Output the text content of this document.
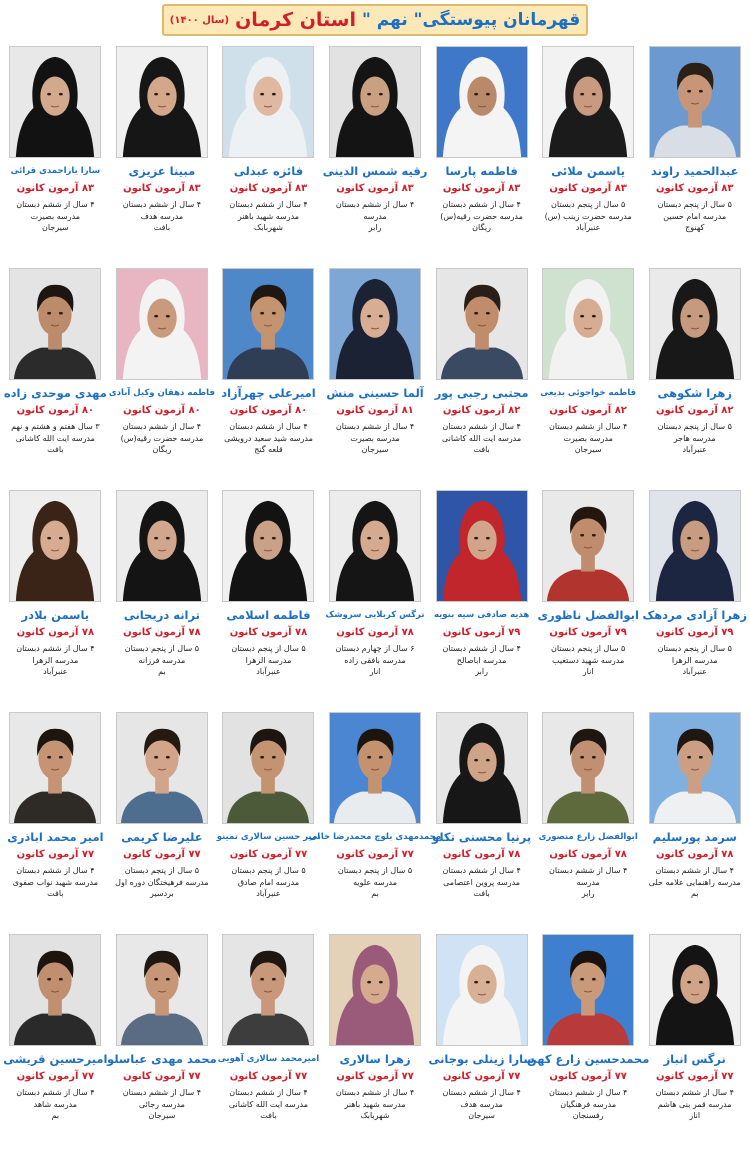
قهرمانان پیوستگی" نهم "
استان کرمان
(سال ۱۴۰۰)
عبدالحمید راوند
۸۳ آزمون کانون
۵ سال از پنجم دبستان
مدرسه امام حسین
کهنوج
یاسمن ملائی
۸۳ آزمون کانون
۵ سال از پنجم دبستان
مدرسه حضرت زینب (س)
عنبرآباد
فاطمه پارسا
۸۳ آزمون کانون
۴ سال از ششم دبستان
مدرسه حضرت رقیه(س)
ریگان
رقیه شمس الدینی
۸۳ آزمون کانون
۴ سال از ششم دبستان
مدرسه
رابر
فائزه عبدلی
۸۳ آزمون کانون
۴ سال از ششم دبستان
مدرسه شهید باهنر
شهربابک
مبینا عزیزی
۸۳ آزمون کانون
۴ سال از ششم دبستان
مدرسه هدف
بافت
سارا یاراحمدی قرائی
۸۳ آزمون کانون
۴ سال از ششم دبستان
مدرسه بصیرت
سیرجان
زهرا شکوهی
۸۲ آزمون کانون
۵ سال از پنجم دبستان
مدرسه هاجر
عنبرآباد
فاطمه خواجوئی بدیعی
۸۲ آزمون کانون
۴ سال از ششم دبستان
مدرسه بصیرت
سیرجان
مجتبی رجبی پور
۸۲ آزمون کانون
۴ سال از ششم دبستان
مدرسه ایت الله کاشانی
بافت
آلما حسینی منش
۸۱ آزمون کانون
۴ سال از ششم دبستان
مدرسه بصیرت
سیرجان
امیرعلی چهرآزاد
۸۰ آزمون کانون
۴ سال از ششم دبستان
مدرسه شید سعید درویشی
قلعه گنج
فاطمه دهقان وکیل آبادی
۸۰ آزمون کانون
۴ سال از ششم دبستان
مدرسه حضرت رقیه(س)
ریگان
مهدی موحدی زاده
۸۰ آزمون کانون
۳ سال هفتم و هشتم و نهم
مدرسه ایت الله کاشانی
بافت
زهرا آزادی مردهک
۷۹ آزمون کانون
۵ سال از پنجم دبستان
مدرسه الزهرا
عنبرآباد
ابوالفضل ناظوری
۷۹ آزمون کانون
۵ سال از پنجم دبستان
مدرسه شهید دستغیب
انار
هدیه صادقی سیه بنویه
۷۹ آزمون کانون
۴ سال از ششم دبستان
مدرسه اباصالح
رابر
نرگس کربلایی سروشک
۷۸ آزمون کانون
۶ سال از چهارم دبستان
مدرسه بافقی زاده
انار
فاطمه اسلامی
۷۸ آزمون کانون
۵ سال از پنجم دبستان
مدرسه الزهرا
عنبرآباد
ترانه دریجانی
۷۸ آزمون کانون
۵ سال از پنجم دبستان
مدرسه فرزانه
بم
یاسمن بلادر
۷۸ آزمون کانون
۴ سال از ششم دبستان
مدرسه الزهرا
عنبرآباد
سرمد پورسلیم
۷۸ آزمون کانون
۴ سال از ششم دبستان
مدرسه راهنمایی علامه حلی
بم
ابوالفضل زارع منصوری
۷۸ آزمون کانون
۴ سال از ششم دبستان
مدرسه
رابر
پرنیا محسنی تکلو
۷۸ آزمون کانون
۴ سال از ششم دبستان
مدرسه پروین اعتصامی
بافت
محمدمهدی بلوچ محمدرضا خانی
۷۷ آزمون کانون
۵ سال از پنجم دبستان
مدرسه علویه
بم
امیر حسین سالاری تمینو
۷۷ آزمون کانون
۵ سال از پنجم دبستان
مدرسه امام صادق
عنبرآباد
علیرضا کریمی
۷۷ آزمون کانون
۵ سال از پنجم دبستان
مدرسه فرهیختگان دوره اول
بردسیر
امیر محمد اباذری
۷۷ آزمون کانون
۴ سال از ششم دبستان
مدرسه شهید نواب صفوی
بافت
نرگس انباز
۷۷ آزمون کانون
۴ سال از ششم دبستان
مدرسه قمر بنی هاشم
انار
محمدحسین زارع کهن
۷۷ آزمون کانون
۴ سال از ششم دبستان
مدرسه فرهنگیان
رفسنجان
سارا زینلی بوجانی
۷۷ آزمون کانون
۴ سال از ششم دبستان
مدرسه هدف
سیرجان
زهرا سالاری
۷۷ آزمون کانون
۴ سال از ششم دبستان
مدرسه شهید باهنر
شهربابک
امیرمحمد سالاری آهویی
۷۷ آزمون کانون
۴ سال از ششم دبستان
مدرسه ایت الله کاشانی
بافت
محمد مهدی عباسلو
۷۷ آزمون کانون
۴ سال از ششم دبستان
مدرسه رجائی
سیرجان
امیرحسین قریشی
۷۷ آزمون کانون
۴ سال از ششم دبستان
مدرسه شاهد
بم
